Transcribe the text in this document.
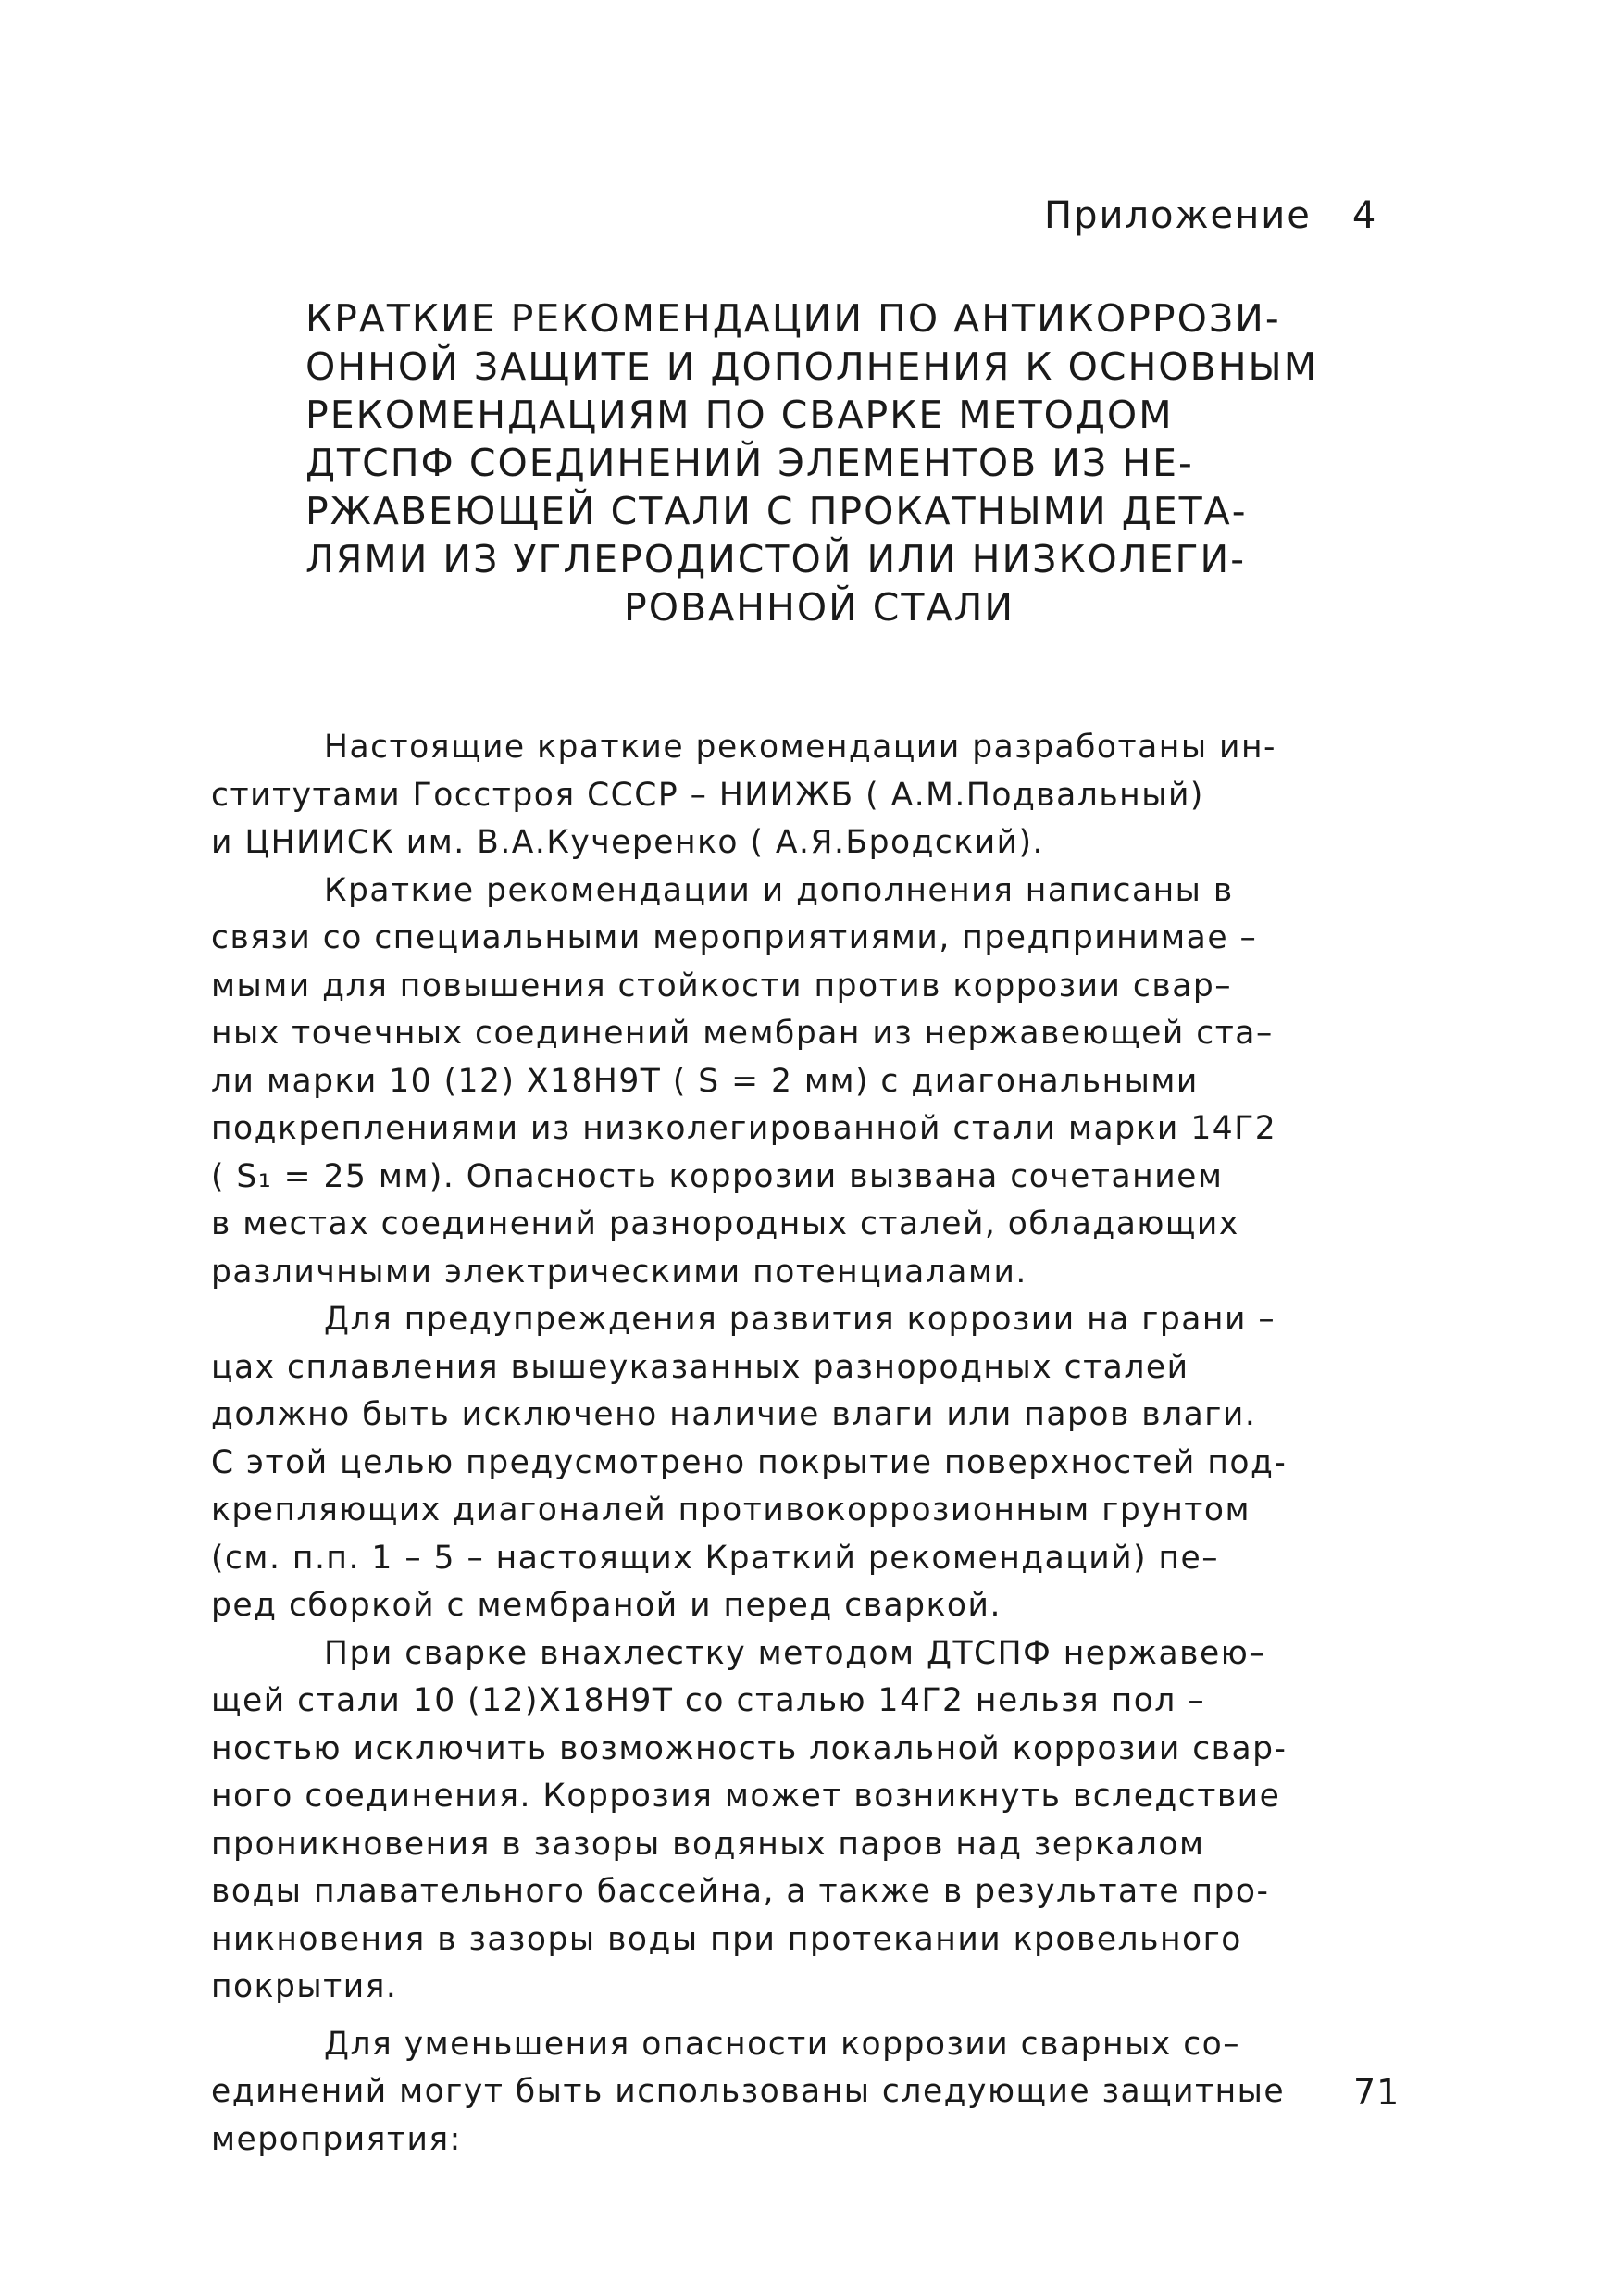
Приложение 4
КРАТКИЕ РЕКОМЕНДАЦИИ ПО АНТИКОРРОЗИ-
ОННОЙ ЗАЩИТЕ И ДОПОЛНЕНИЯ К ОСНОВНЫМ
РЕКОМЕНДАЦИЯМ ПО СВАРКЕ МЕТОДОМ
ДТСПФ СОЕДИНЕНИЙ ЭЛЕМЕНТОВ ИЗ НЕ-
РЖАВЕЮЩЕЙ СТАЛИ С ПРОКАТНЫМИ ДЕТА-
ЛЯМИ ИЗ УГЛЕРОДИСТОЙ ИЛИ НИЗКОЛЕГИ-
РОВАННОЙ СТАЛИ

Настоящие краткие рекомендации разработаны ин-
ститутами Госстроя СССР – НИИЖБ ( А.М.Подвальный)
и ЦНИИСК им. В.А.Кучеренко ( А.Я.Бродский).

Краткие рекомендации и дополнения написаны в
связи со специальными мероприятиями, предпринимае –
мыми для повышения стойкости против коррозии свар–
ных точечных соединений мембран из нержавеющей ста–
ли марки 10 (12) Х18Н9Т ( S = 2 мм) с диагональными
подкреплениями из низколегированной стали марки 14Г2
( S₁ = 25 мм). Опасность коррозии вызвана сочетанием
в местах соединений разнородных сталей, обладающих
различными электрическими потенциалами.

Для предупреждения развития коррозии на грани –
цах сплавления вышеуказанных разнородных сталей
должно быть исключено наличие влаги или паров влаги.
С этой целью предусмотрено покрытие поверхностей под-
крепляющих диагоналей противокоррозионным грунтом
(см. п.п. 1 – 5 – настоящих Краткий рекомендаций) пе–
ред сборкой с мембраной и перед сваркой.

При сварке внахлестку методом ДТСПФ нержавею–
щей стали 10 (12)Х18Н9Т со сталью 14Г2 нельзя пол –
ностью исключить возможность локальной коррозии свар-
ного соединения. Коррозия может возникнуть вследствие
проникновения в зазоры водяных паров над зеркалом
воды плавательного бассейна, а также в результате про-
никновения в зазоры воды при протекании кровельного
покрытия.

Для уменьшения опасности коррозии сварных со–
единений могут быть использованы следующие защитные
мероприятия:

71
